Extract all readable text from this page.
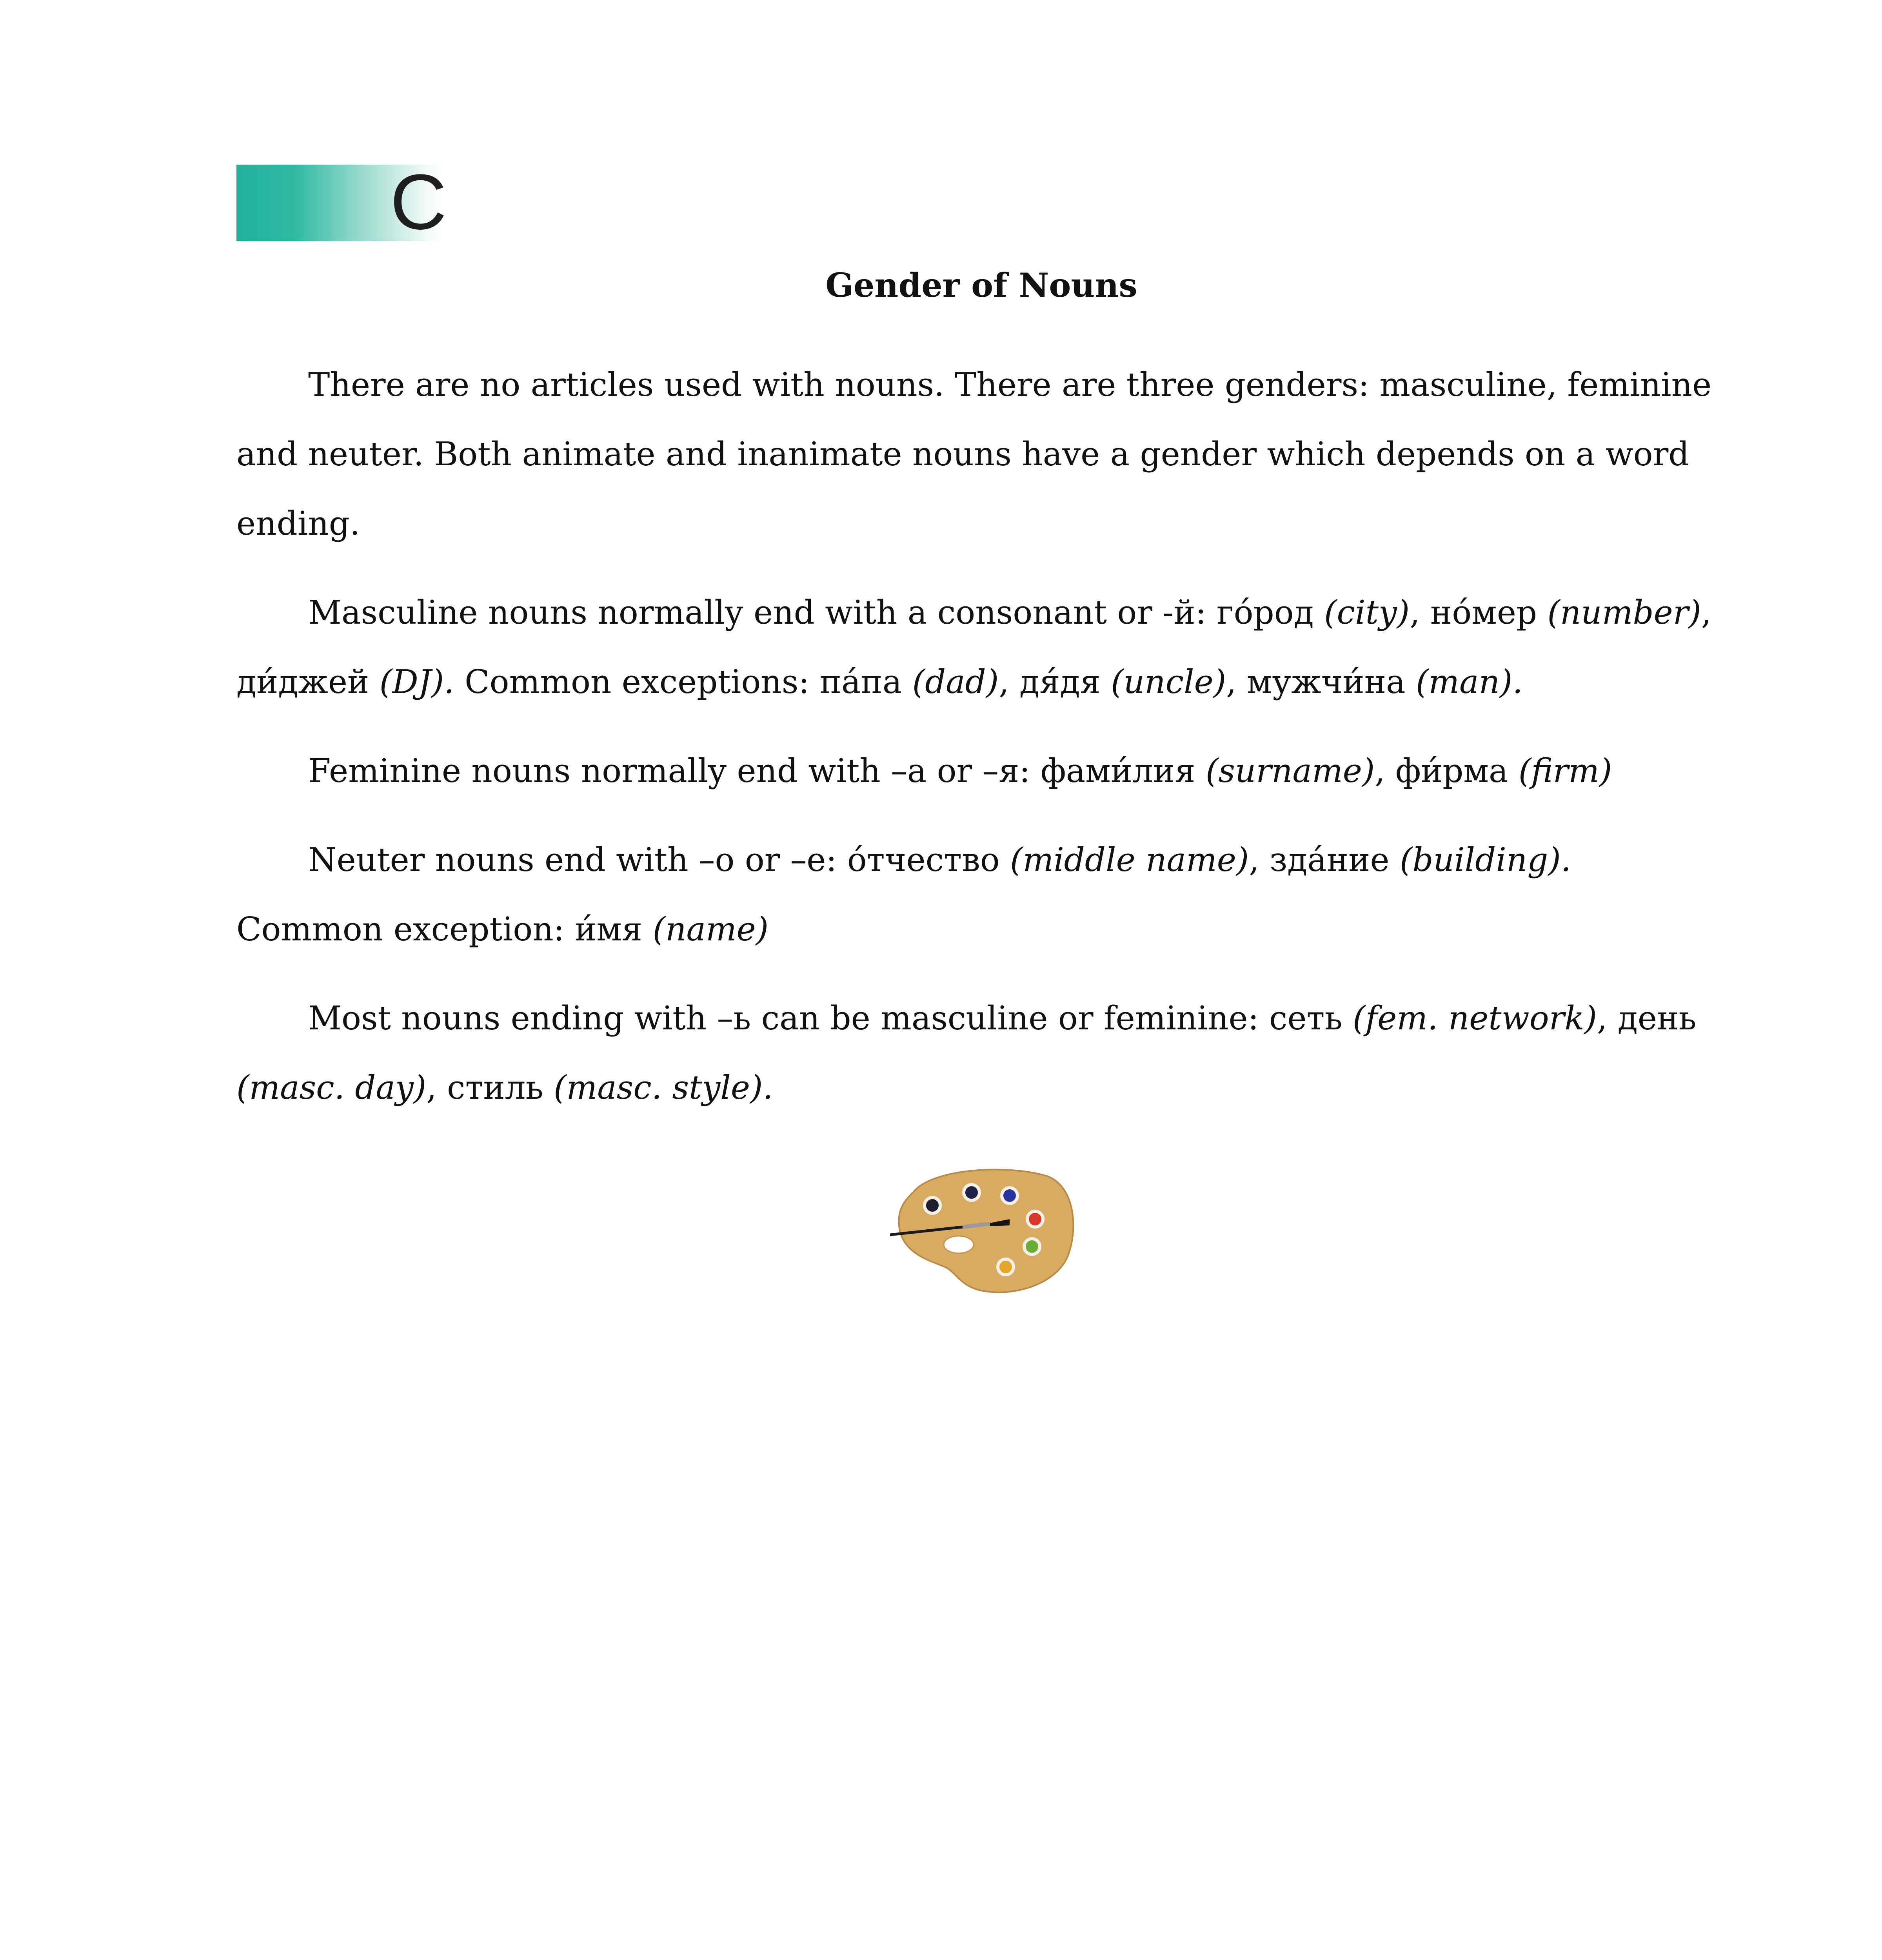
C
Gender of Nouns

There are no articles used with nouns. There are three genders: masculine, feminine and neuter. Both animate and inanimate nouns have a gender which depends on a word ending.

Masculine nouns normally end with a consonant or -й: го́род (city), но́мер (number), ди́джей (DJ). Common exceptions: па́па (dad), дя́дя (uncle), мужчи́на (man).

Feminine nouns normally end with –а or –я: фами́лия (surname), фи́рма (firm)

Neuter nouns end with –о or –е: о́тчество (middle name), зда́ние (building). Common exception: и́мя (name)

Most nouns ending with –ь can be masculine or feminine: сеть (fem. network), день (masc. day), стиль (masc. style).
